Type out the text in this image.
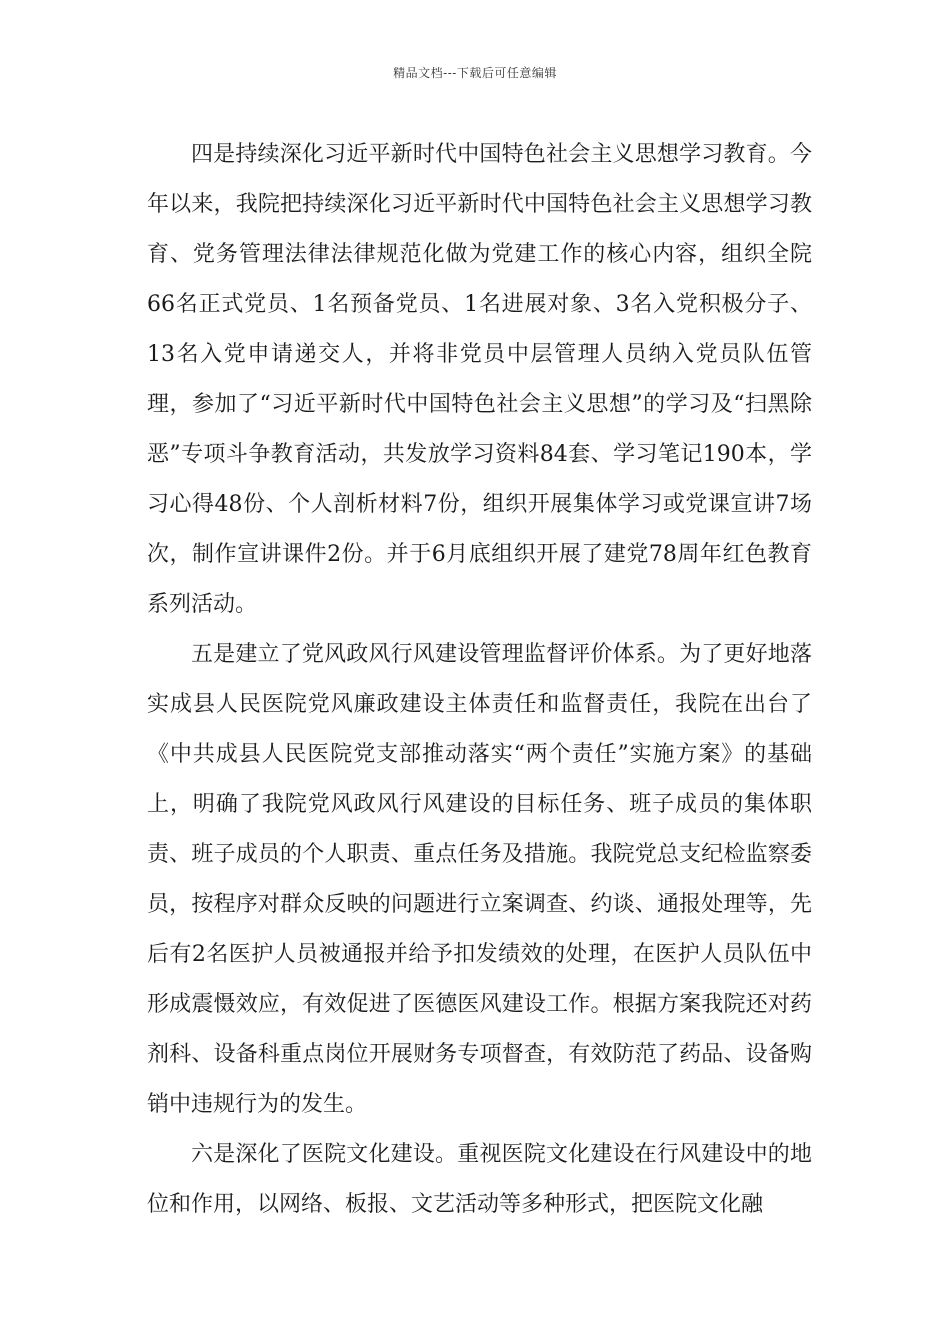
精品文档---下载后可任意编辑

四是持续深化习近平新时代中国特色社会主义思想学习教育。今年以来，我院把持续深化习近平新时代中国特色社会主义思想学习教育、党务管理法律法律规范化做为党建工作的核心内容，组织全院66名正式党员、1名预备党员、1名进展对象、3名入党积极分子、13名入党申请递交人，并将非党员中层管理人员纳入党员队伍管理，参加了“习近平新时代中国特色社会主义思想”的学习及“扫黑除恶”专项斗争教育活动，共发放学习资料84套、学习笔记190本，学习心得48份、个人剖析材料7份，组织开展集体学习或党课宣讲7场次，制作宣讲课件2份。并于6月底组织开展了建党78周年红色教育系列活动。

五是建立了党风政风行风建设管理监督评价体系。为了更好地落实成县人民医院党风廉政建设主体责任和监督责任，我院在出台了《中共成县人民医院党支部推动落实“两个责任”实施方案》的基础上，明确了我院党风政风行风建设的目标任务、班子成员的集体职责、班子成员的个人职责、重点任务及措施。我院党总支纪检监察委员，按程序对群众反映的问题进行立案调查、约谈、通报处理等，先后有2名医护人员被通报并给予扣发绩效的处理，在医护人员队伍中形成震慑效应，有效促进了医德医风建设工作。根据方案我院还对药剂科、设备科重点岗位开展财务专项督查，有效防范了药品、设备购销中违规行为的发生。

六是深化了医院文化建设。重视医院文化建设在行风建设中的地位和作用，以网络、板报、文艺活动等多种形式，把医院文化融
